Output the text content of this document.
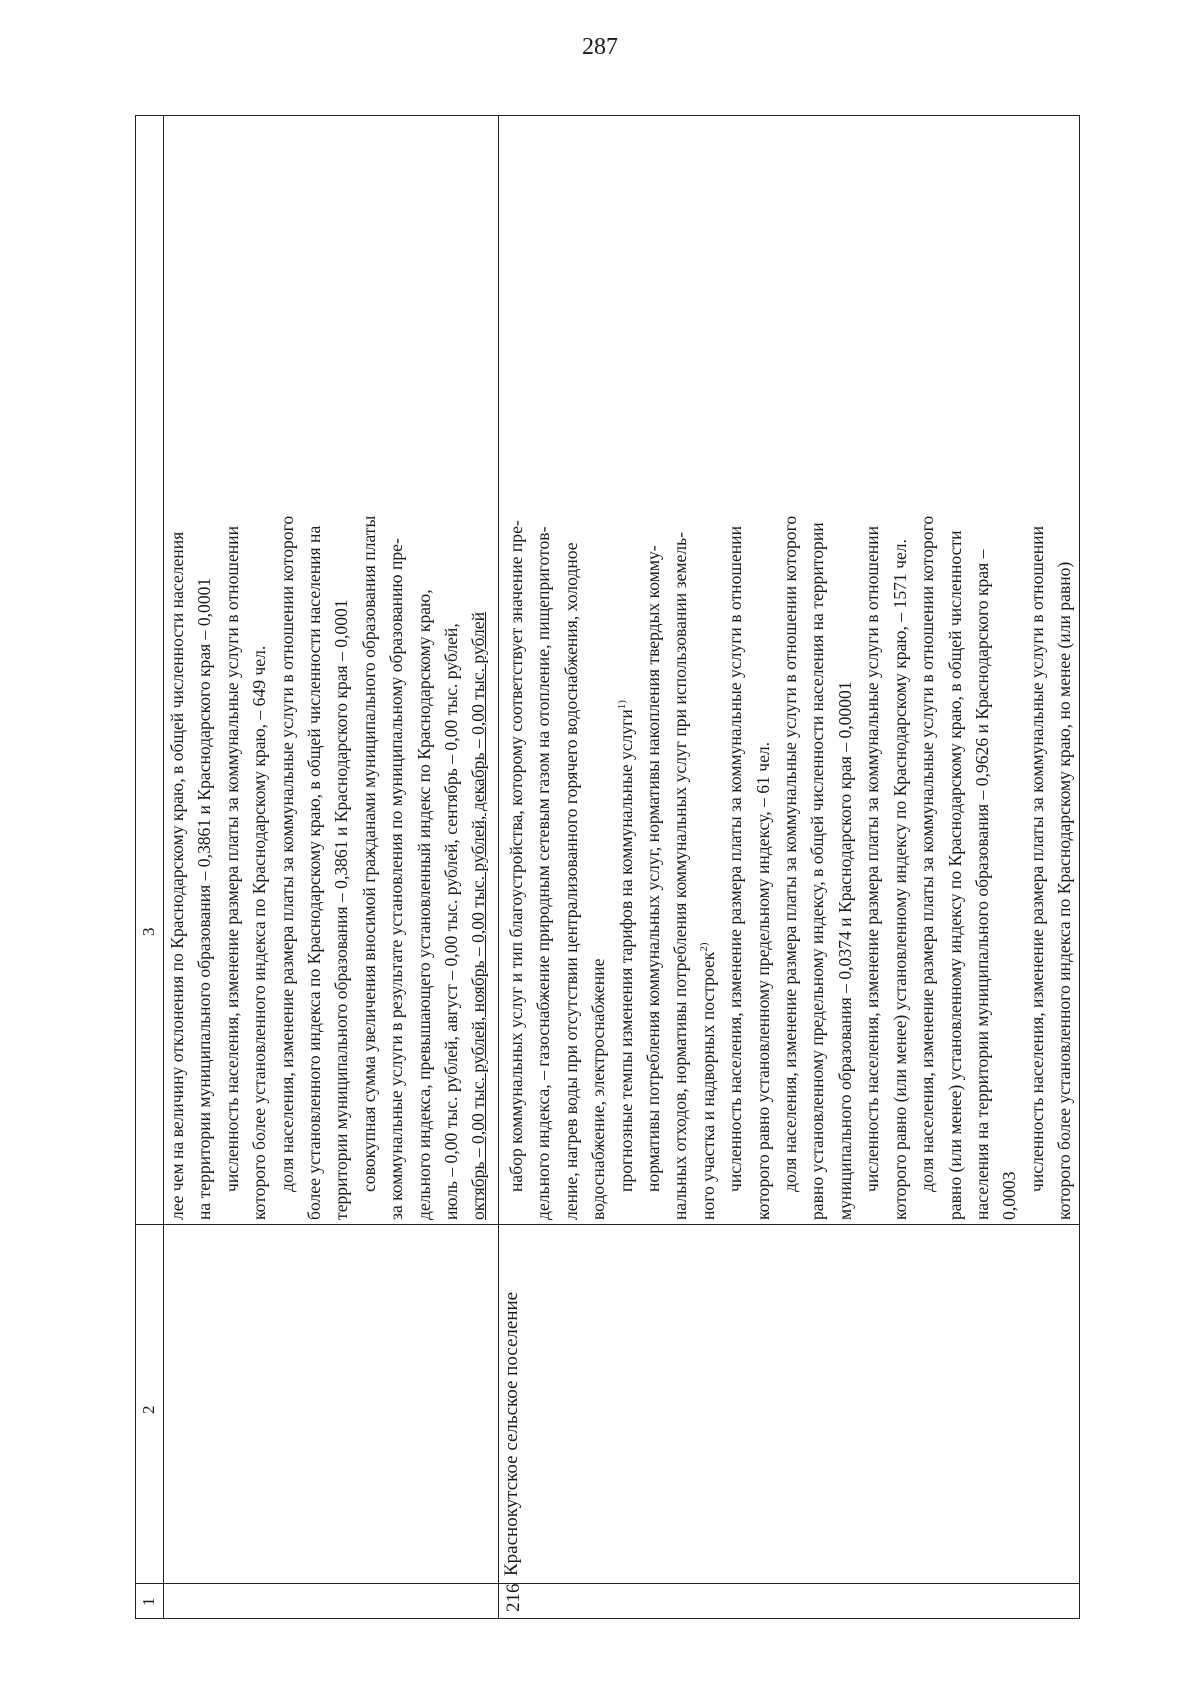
287
1
2
3 лее чем на величину отклонения по Краснодарскому краю, в общей численности населения на территории муниципального образования – 0,3861 и Краснодарского края – 0,0001 численность населения, изменение размера платы за коммунальные услуги в отношении которого более установленного индекса по Краснодарскому краю, – 649 чел. доля населения, изменение размера платы за коммунальные услуги в отношении которого более установленного индекса по Краснодарскому краю, в общей численности населения на территории муниципального образования – 0,3861 и Краснодарского края – 0,0001 совокупная сумма увеличения вносимой гражданами муниципального образования платы за коммунальные услуги в результате установления по муниципальному образованию пре- дельного индекса, превышающего установленный индекс по Краснодарскому краю, июль – 0,00 тыс. рублей, август – 0,00 тыс. рублей, сентябрь – 0,00 тыс. рублей, октябрь – 0,00 тыс. рублей, ноябрь – 0,00 тыс. рублей, декабрь – 0,00 тыс. рублей

216
Краснокутское сельское поселение

набор коммунальных услуг и тип благоустройства, которому соответствует значение пре- дельного индекса, – газоснабжение природным сетевым газом на отопление, пищеприготов- ление, нагрев воды при отсутствии централизованного горячего водоснабжения, холодное водоснабжение, электроснабжение прогнозные темпы изменения тарифов на коммунальные услуги$^{1)}$ нормативы потребления коммунальных услуг, нормативы накопления твердых комму- нальных отходов, нормативы потребления коммунальных услуг при использовании земель- ного участка и надворных построек$^{2)}$ численность населения, изменение размера платы за коммунальные услуги в отношении которого равно установленному предельному индексу, – 61 чел. доля населения, изменение размера платы за коммунальные услуги в отношении которого равно установленному предельному индексу, в общей численности населения на территории муниципального образования – 0,0374 и Краснодарского края – 0,00001 численность населения, изменение размера платы за коммунальные услуги в отношении которого равно (или менее) установленному индексу по Краснодарскому краю, – 1571 чел. доля населения, изменение размера платы за коммунальные услуги в отношении которого равно (или менее) установленному индексу по Краснодарскому краю, в общей численности населения на территории муниципального образования – 0,9626 и Краснодарского края – 0,0003

численность населения, изменение размера платы за коммунальные услуги в отношении которого более установленного индекса по Краснодарскому краю, но менее (или равно)
